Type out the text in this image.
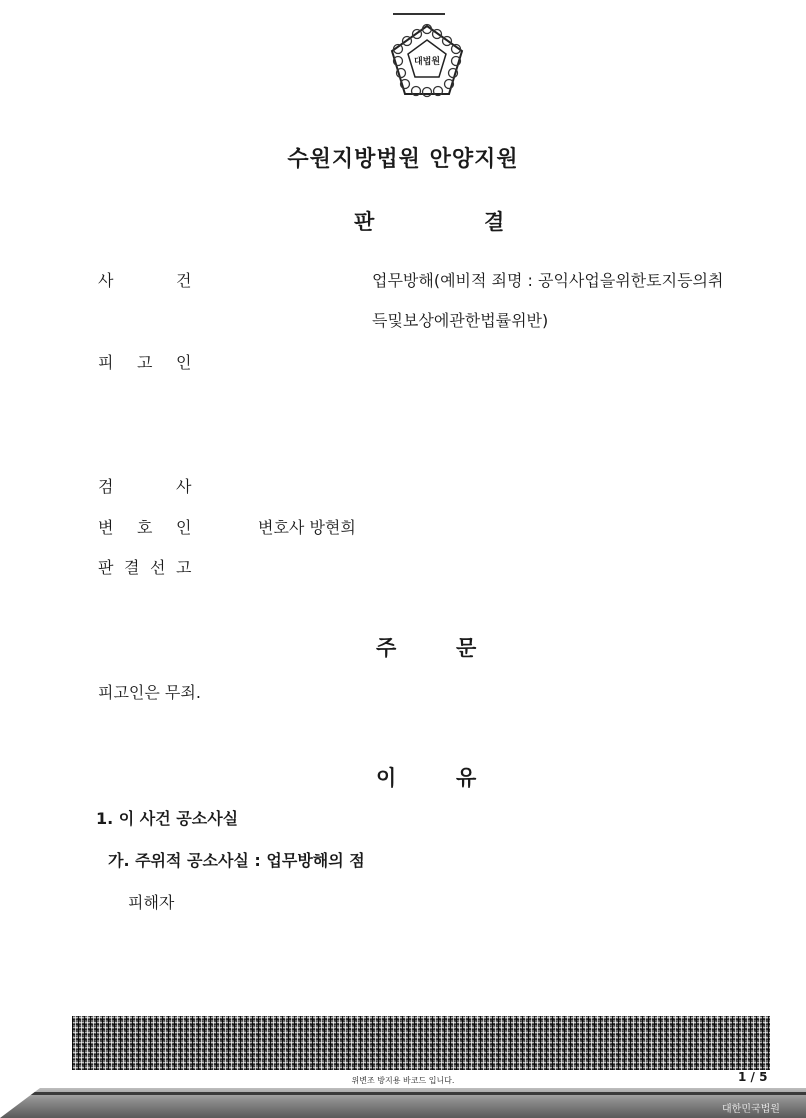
대법원
수원지방법원 안양지원
판	결
사	건	업무방해(예비적 죄명 : 공익사업을위한토지등의취
득및보상에관한법률위반)
피 고 인
검	사
변 호 인	변호사 방현희
판 결 선 고
주	문
피고인은 무죄.
이	유
1. 이 사건 공소사실
가. 주위적 공소사실 : 업무방해의 점
피해자
위변조 방지용 바코드 입니다.	1 / 5
대한민국법원
